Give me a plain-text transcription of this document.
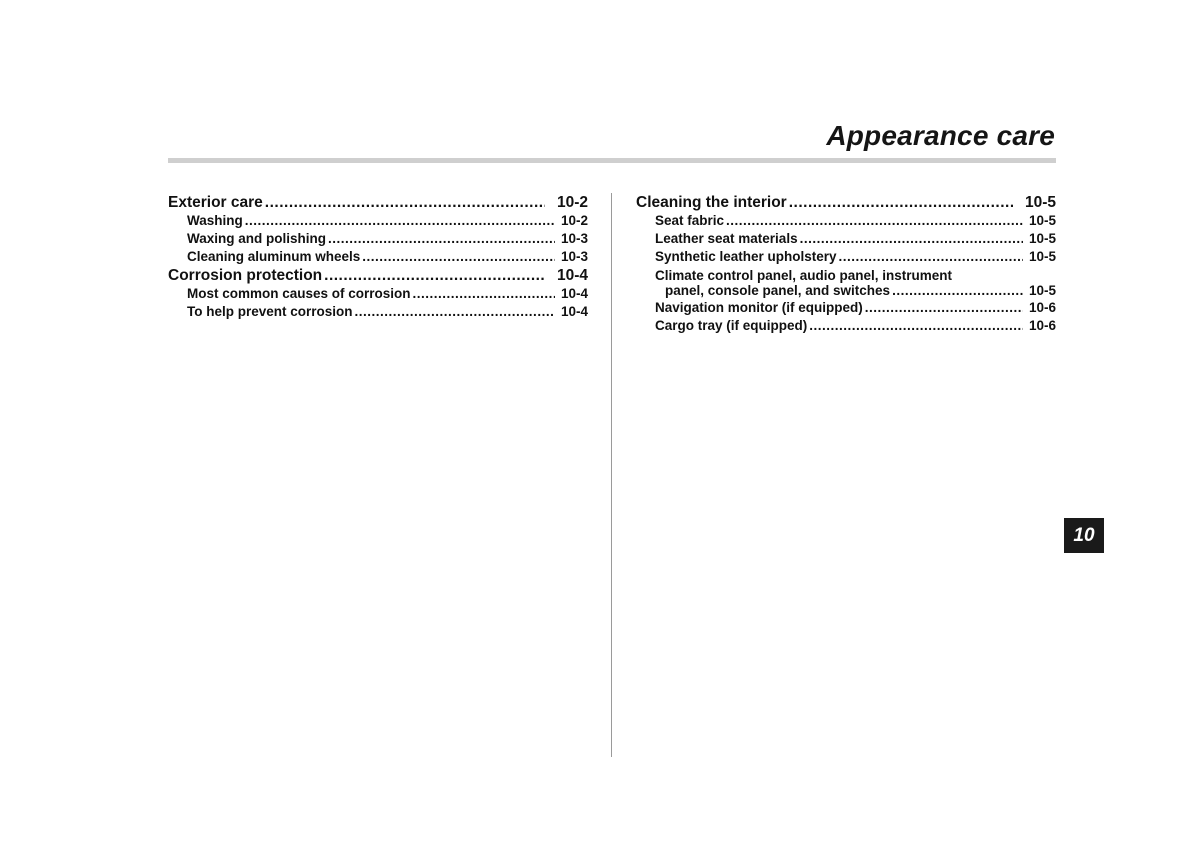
Appearance care
Exterior care .....	10-2
Washing .....	10-2
Waxing and polishing .....	10-3
Cleaning aluminum wheels .....	10-3
Corrosion protection .....	10-4
Most common causes of corrosion .....	10-4
To help prevent corrosion .....	10-4
Cleaning the interior .....	10-5
Seat fabric .....	10-5
Leather seat materials .....	10-5
Synthetic leather upholstery .....	10-5
Climate control panel, audio panel, instrument
panel, console panel, and switches .....	10-5
Navigation monitor (if equipped) .....	10-6
Cargo tray (if equipped) .....	10-6
10
